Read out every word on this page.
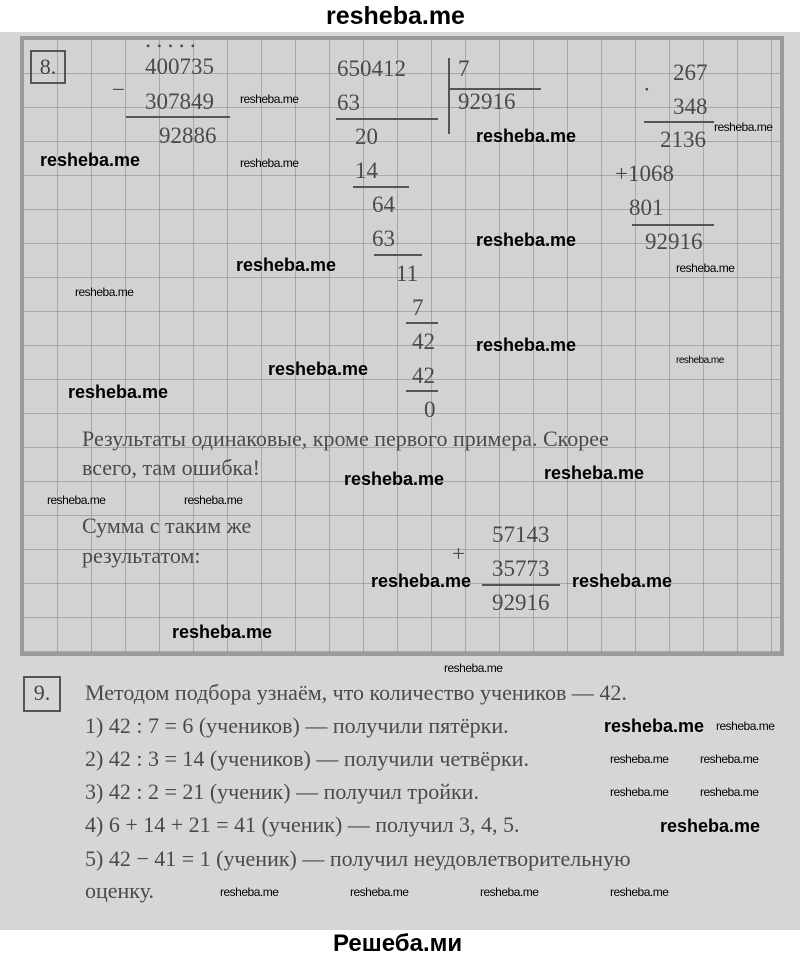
resheba.me
8.
• • • • •
400735
− 307849
92886
650412 7
92916
63
20
14
64
63
11
7
42
42
0
267
·
348
2136
+1068
801
92916
Результаты одинаковые, кроме первого примера. Скорее
всего, там ошибка!
Сумма с таким же
результатом:
57143
+
35773
92916
9.	Методом подбора узнаём, что количество учеников — 42.
1) 42 : 7 = 6 (учеников) — получили пятёрки.
2) 42 : 3 = 14 (учеников) — получили четвёрки.
3) 42 : 2 = 21 (ученик) — получил тройки.
4) 6 + 14 + 21 = 41 (ученик) — получил 3, 4, 5.
5) 42 − 41 = 1 (ученик) — получил неудовлетворительную
оценку.
resheba.me
resheba.me
resheba.me
resheba.me
resheba.me
resheba.me
resheba.me	resheba.me
resheba.me
resheba.me
resheba.me
resheba.me
resheba.me
resheba.me
resheba.me
resheba.me
resheba.me
resheba.me	resheba.me
resheba.me
resheba.me
resheba.me resheba.me
resheba.me	resheba.me
resheba.me	resheba.me
resheba.me
resheba.me	resheba.me	resheba.me	resheba.me
Решеба.ми
